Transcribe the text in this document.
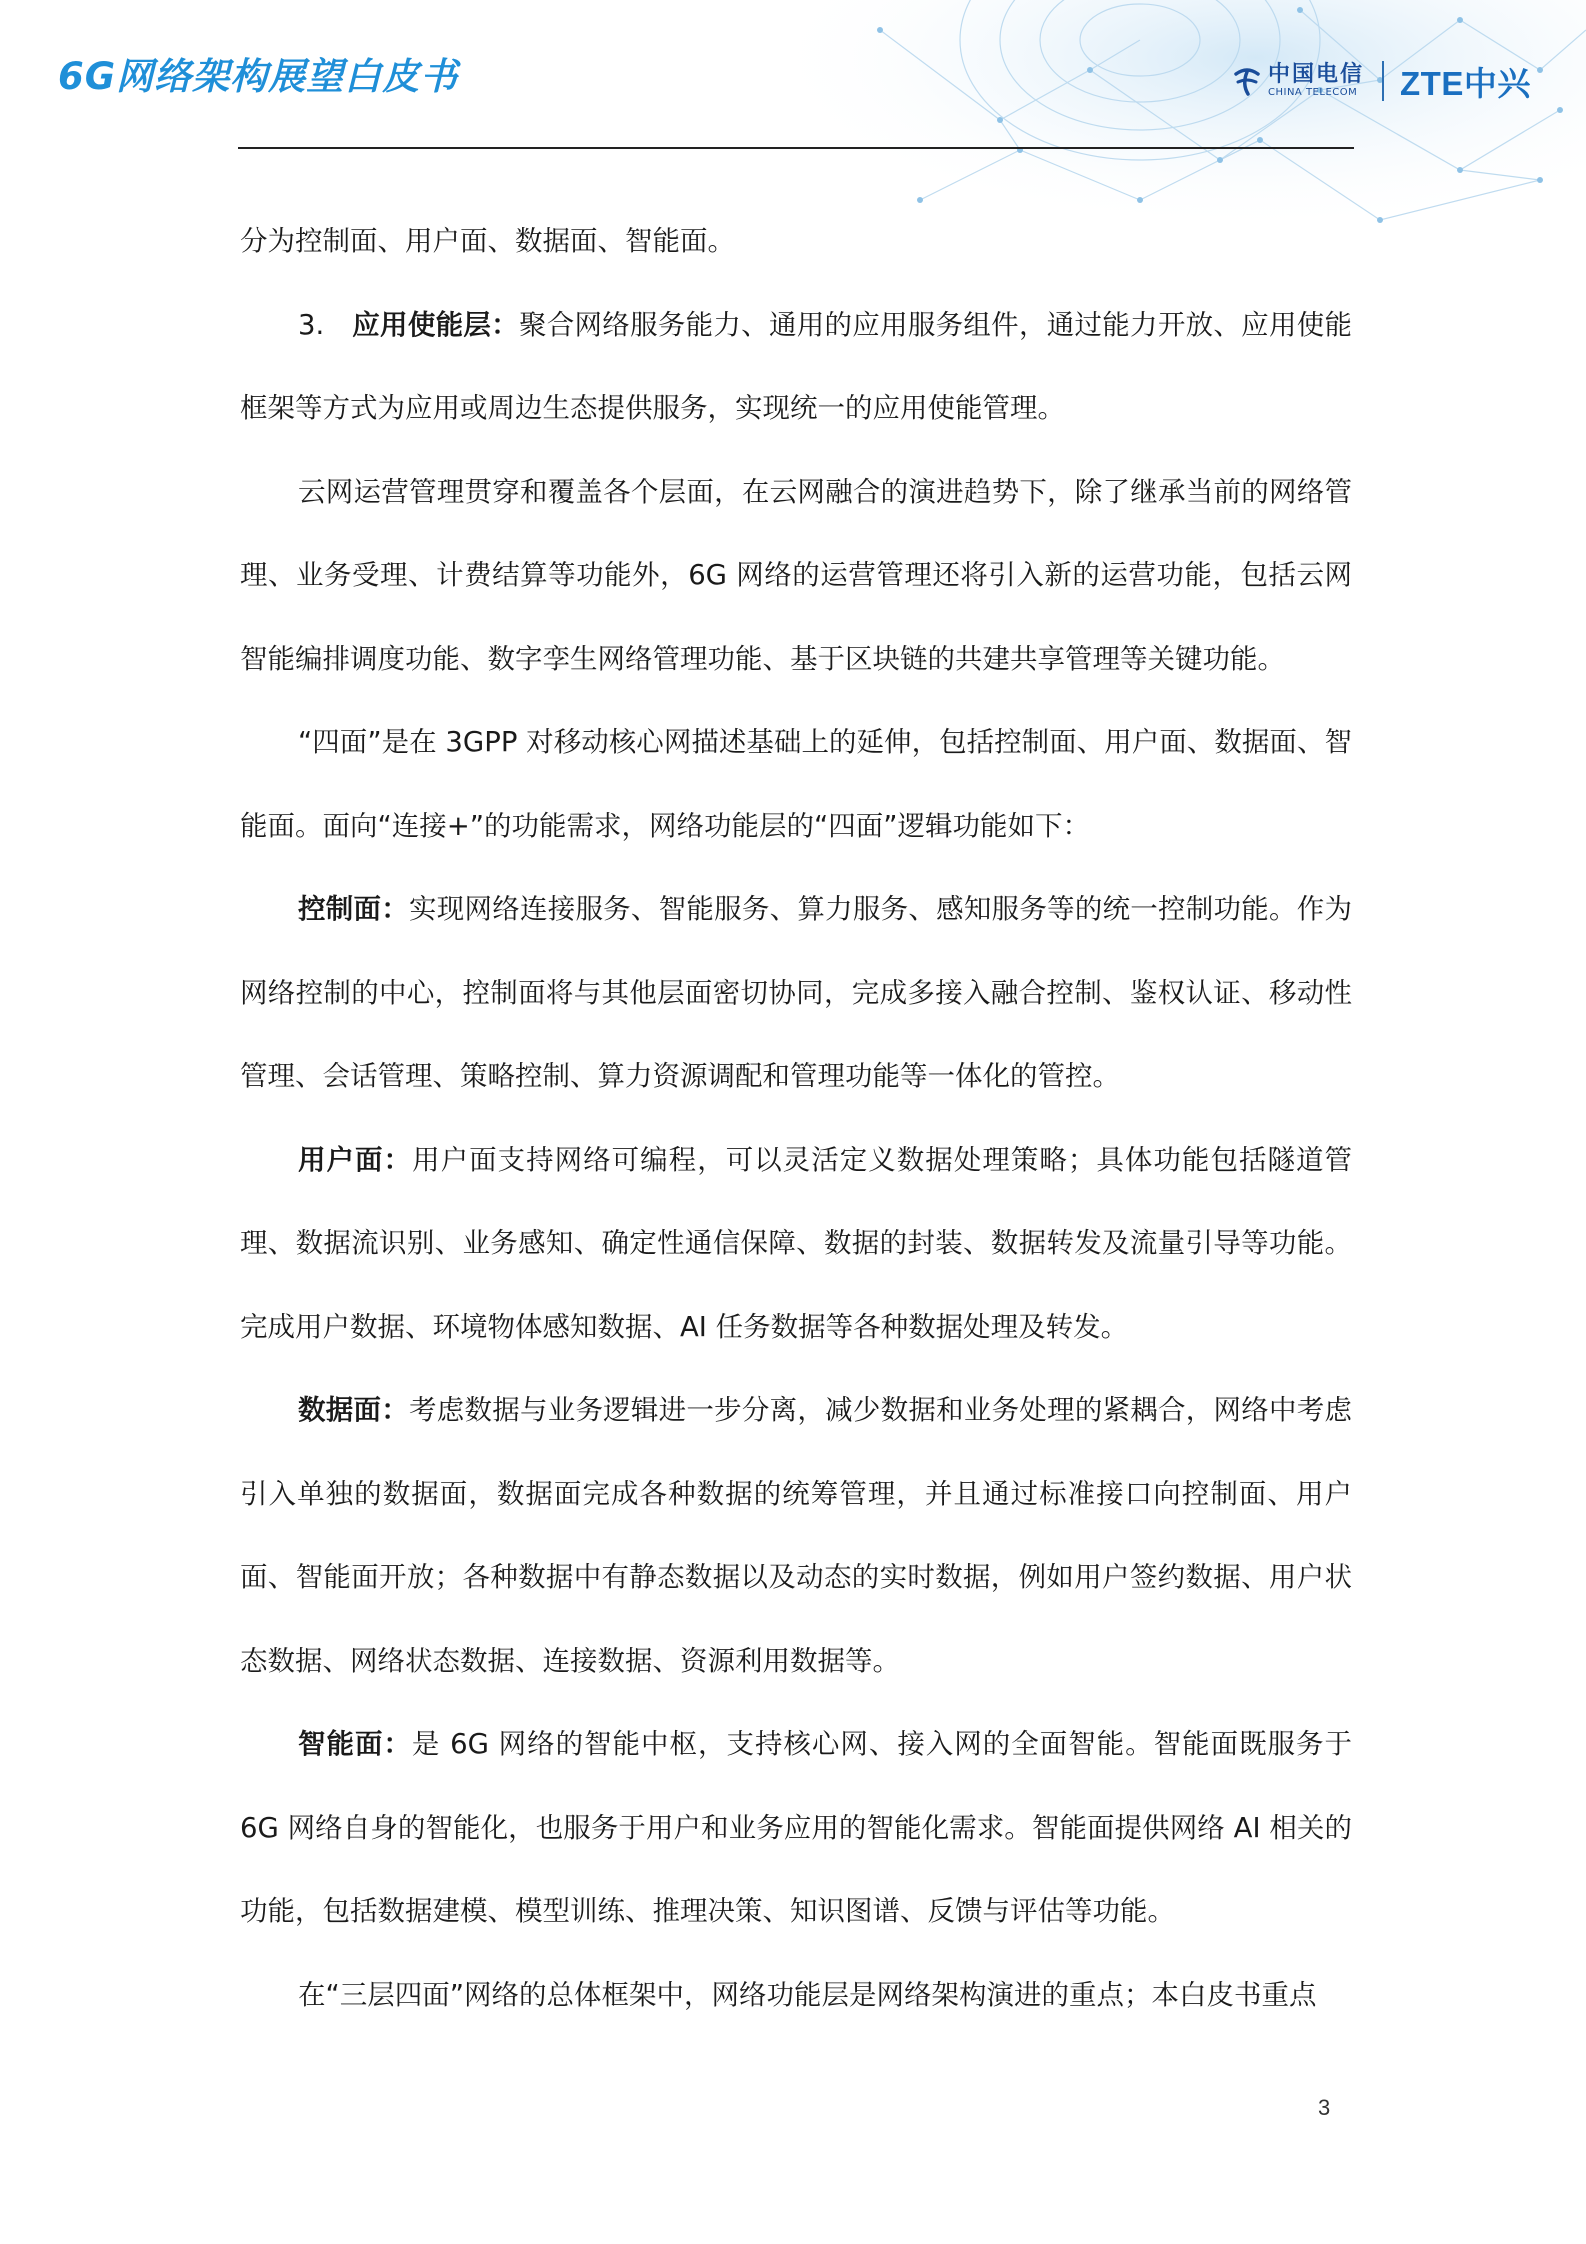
6G网络架构展望白皮书	中国电信
CHINA TELECOM ZTE中兴

分为控制面、用户面、数据面、智能面。

3. 应用使能层：聚合网络服务能力、通用的应用服务组件，通过能力开放、应用使能框架等方式为应用或周边生态提供服务，实现统一的应用使能管理。

云网运营管理贯穿和覆盖各个层面，在云网融合的演进趋势下，除了继承当前的网络管理、业务受理、计费结算等功能外，6G 网络的运营管理还将引入新的运营功能，包括云网智能编排调度功能、数字孪生网络管理功能、基于区块链的共建共享管理等关键功能。

“四面”是在 3GPP 对移动核心网描述基础上的延伸，包括控制面、用户面、数据面、智能面。面向“连接+”的功能需求，网络功能层的“四面”逻辑功能如下：

控制面：实现网络连接服务、智能服务、算力服务、感知服务等的统一控制功能。作为网络控制的中心，控制面将与其他层面密切协同，完成多接入融合控制、鉴权认证、移动性管理、会话管理、策略控制、算力资源调配和管理功能等一体化的管控。

用户面：用户面支持网络可编程，可以灵活定义数据处理策略；具体功能包括隧道管理、数据流识别、业务感知、确定性通信保障、数据的封装、数据转发及流量引导等功能。完成用户数据、环境物体感知数据、AI 任务数据等各种数据处理及转发。

数据面：考虑数据与业务逻辑进一步分离，减少数据和业务处理的紧耦合，网络中考虑引入单独的数据面，数据面完成各种数据的统筹管理，并且通过标准接口向控制面、用户面、智能面开放；各种数据中有静态数据以及动态的实时数据，例如用户签约数据、用户状态数据、网络状态数据、连接数据、资源利用数据等。

智能面：是 6G 网络的智能中枢，支持核心网、接入网的全面智能。智能面既服务于 6G 网络自身的智能化，也服务于用户和业务应用的智能化需求。智能面提供网络 AI 相关的功能，包括数据建模、模型训练、推理决策、知识图谱、反馈与评估等功能。

在“三层四面”网络的总体框架中，网络功能层是网络架构演进的重点；本白皮书重点

3
